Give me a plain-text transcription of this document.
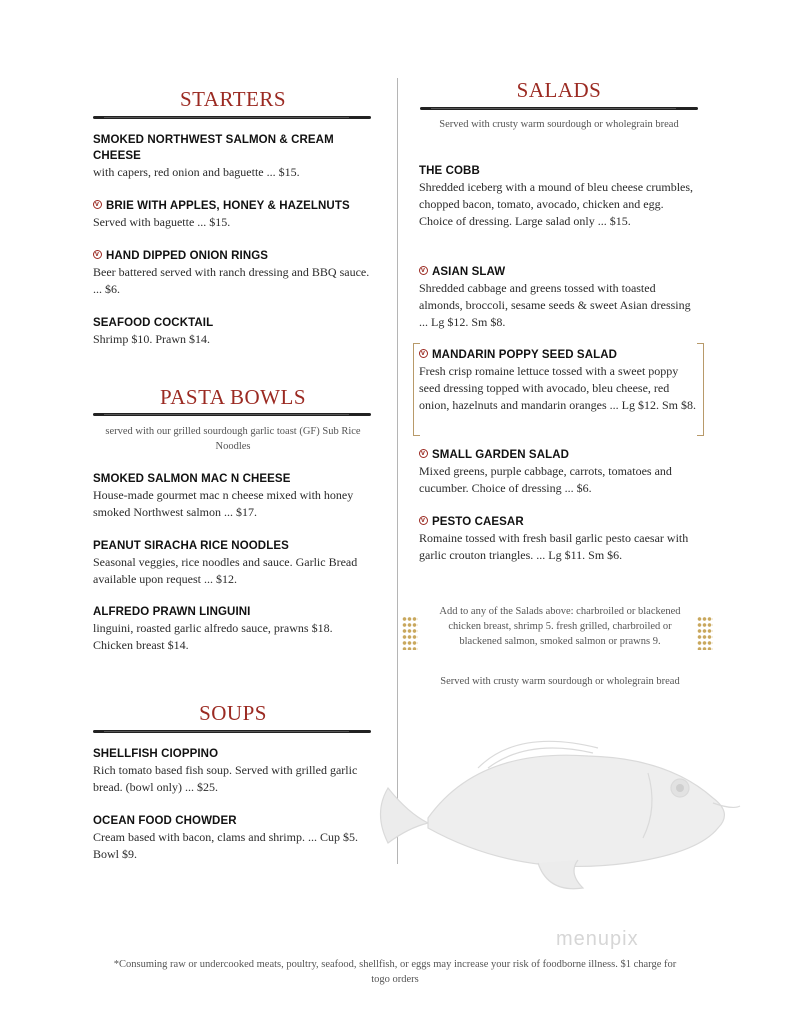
STARTERS
SMOKED NORTHWEST SALMON & CREAM CHEESE
with capers, red onion and baguette ... $15.
vBRIE WITH APPLES, HONEY & HAZELNUTS
Served with baguette ... $15.
vHAND DIPPED ONION RINGS
Beer battered served with ranch dressing and BBQ sauce. ... $6.
SEAFOOD COCKTAIL
Shrimp $10. Prawn $14.
PASTA BOWLS
served with our grilled sourdough garlic toast (GF) Sub Rice Noodles
SMOKED SALMON MAC N CHEESE
House-made gourmet mac n cheese mixed with honey smoked Northwest salmon ... $17.
PEANUT SIRACHA RICE NOODLES
Seasonal veggies, rice noodles and sauce. Garlic Bread available upon request ... $12.
ALFREDO PRAWN LINGUINI
linguini, roasted garlic alfredo sauce, prawns $18. Chicken breast $14.
SOUPS
SHELLFISH CIOPPINO
Rich tomato based fish soup. Served with grilled garlic bread. (bowl only) ... $25.
OCEAN FOOD CHOWDER
Cream based with bacon, clams and shrimp. ... Cup $5. Bowl $9.
SALADS
Served with crusty warm sourdough or wholegrain bread
THE COBB
Shredded iceberg with a mound of bleu cheese crumbles, chopped bacon, tomato, avocado, chicken and egg. Choice of dressing. Large salad only ... $15.
vASIAN SLAW
Shredded cabbage and greens tossed with toasted almonds, broccoli, sesame seeds & sweet Asian dressing ... Lg $12. Sm $8.
vMANDARIN POPPY SEED SALAD
Fresh crisp romaine lettuce tossed with a sweet poppy seed dressing topped with avocado, bleu cheese, red onion, hazelnuts and mandarin oranges ... Lg $12. Sm $8.
vSMALL GARDEN SALAD
Mixed greens, purple cabbage, carrots, tomatoes and cucumber. Choice of dressing ... $6.
vPESTO CAESAR
Romaine tossed with fresh basil garlic pesto caesar with garlic crouton triangles. ... Lg $11. Sm $6.
Add to any of the Salads above: charbroiled or blackened chicken breast, shrimp 5. fresh grilled, charbroiled or blackened salmon, smoked salmon or prawns 9.
Served with crusty warm sourdough or wholegrain bread
menupix
*Consuming raw or undercooked meats, poultry, seafood, shellfish, or eggs may increase your risk of foodborne illness. $1 charge for togo orders
